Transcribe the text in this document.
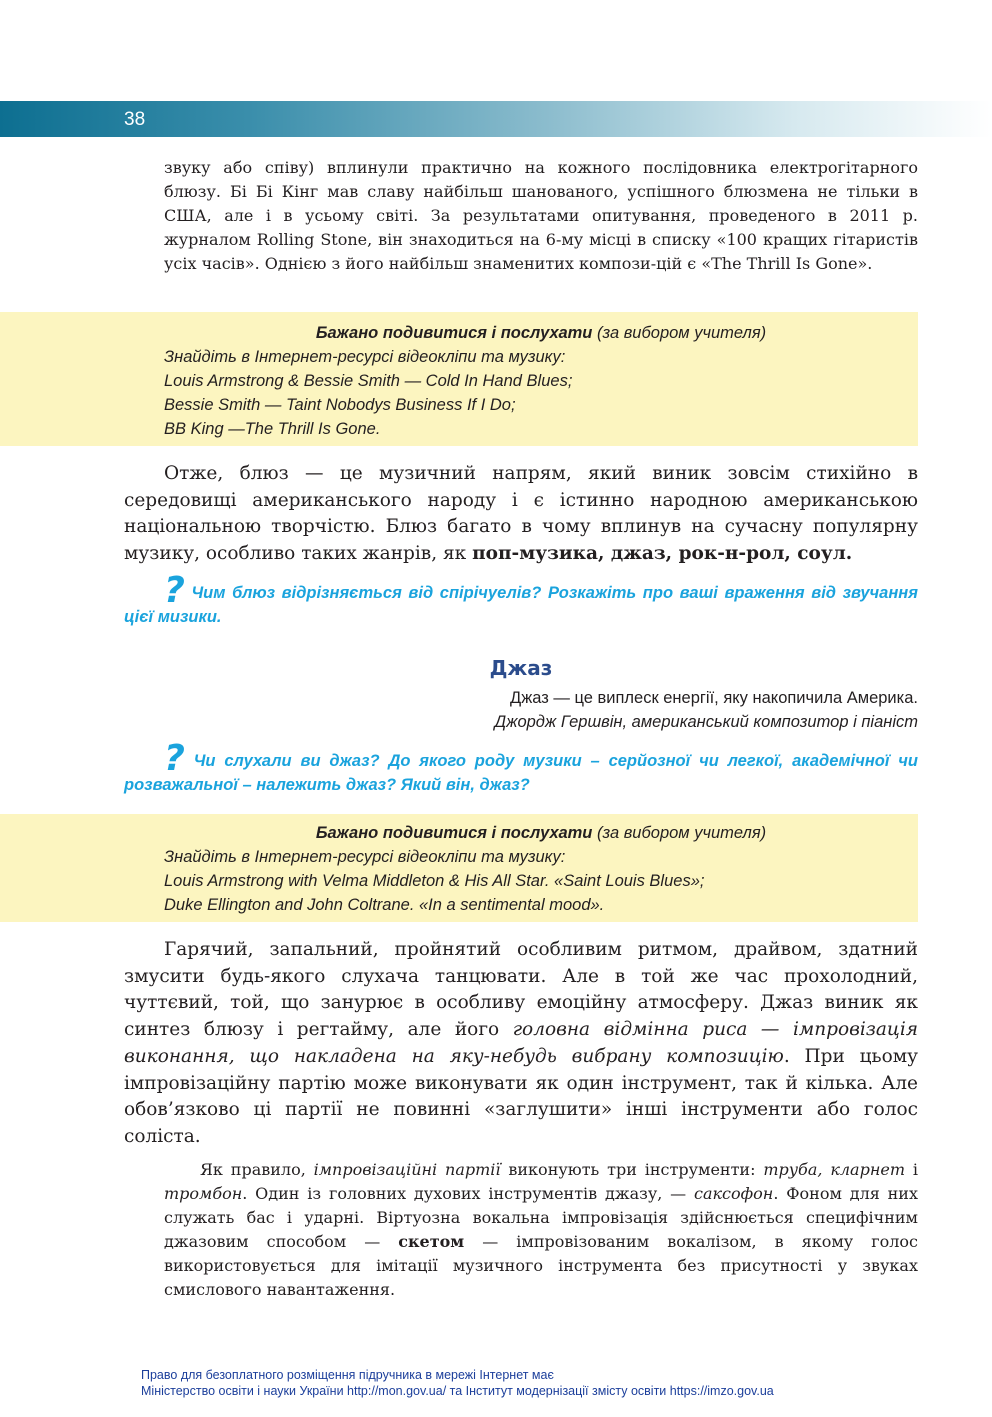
38
звуку або співу) вплинули практично на кожного послідовника електрогітарного блюзу. Бі Бі Кінг мав славу найбільш шанованого, успішного блюзмена не тільки в США, але і в усьому світі. За результатами опитування, проведеного в 2011 р. журналом Rolling Stone, він знаходиться на 6-му місці в списку «100 кращих гітаристів усіх часів». Однією з його найбільш знаменитих компози-цій є «The Thrill Is Gone».
Бажано подивитися і послухати (за вибором учителя)
Знайдіть в Інтернет-ресурсі відеокліпи та музику:
Louis Armstrong & Bessie Smith — Cold In Hand Blues;
Bessie Smith — Taint Nobodys Business If I Do;
BB King —The Thrill Is Gone.
Отже, блюз — це музичний напрям, який виник зовсім стихійно в середовищі американського народу і є істинно народною американською національною творчістю. Блюз багато в чому вплинув на сучасну популярну музику, особливо таких жанрів, як поп-музика, джаз, рок-н-рол, соул.
? Чим блюз відрізняється від спірічуелів? Розкажіть про ваші враження від звучання цієї мизики.
Джаз
Джаз — це виплеск енергії, яку накопичила Америка.
Джордж Гершвін, американський композитор і піаніст
? Чи слухали ви джаз? До якого роду музики – серйозної чи легкої, академічної чи розважальної – належить джаз? Який він, джаз?
Бажано подивитися і послухати (за вибором учителя)
Знайдіть в Інтернет-ресурсі відеокліпи та музику:
Louis Armstrong with Velma Middleton & His All Star. «Saint Louis Blues»;
Duke Ellington and John Coltrane. «In a sentimental mood».
Гарячий, запальний, пройнятий особливим ритмом, драйвом, здатний змусити будь-якого слухача танцювати. Але в той же час прохолодний, чуттєвий, той, що занурює в особливу емоційну атмосферу. Джаз виник як синтез блюзу і регтайму, але його головна відмінна риса — імпровізація виконання, що накладена на яку-небудь вибрану композицію. При цьому імпровізаційну партію може виконувати як один інструмент, так й кілька. Але обов’язково ці партії не повинні «заглушити» інші інструменти або голос соліста.
Як правило, імпровізаційні партії виконують три інструменти: труба, кларнет і тромбон. Один із головних духових інструментів джазу, — саксофон. Фоном для них служать бас і ударні. Віртуозна вокальна імпровізація здійснюється специфічним джазовим способом — скетом — імпровізованим вокалізом, в якому голос використовується для імітації музичного інструмента без присутності у звуках смислового навантаження.
Право для безоплатного розміщення підручника в мережі Інтернет має
Міністерство освіти і науки України http://mon.gov.ua/ та Інститут модернізації змісту освіти https://imzo.gov.ua
